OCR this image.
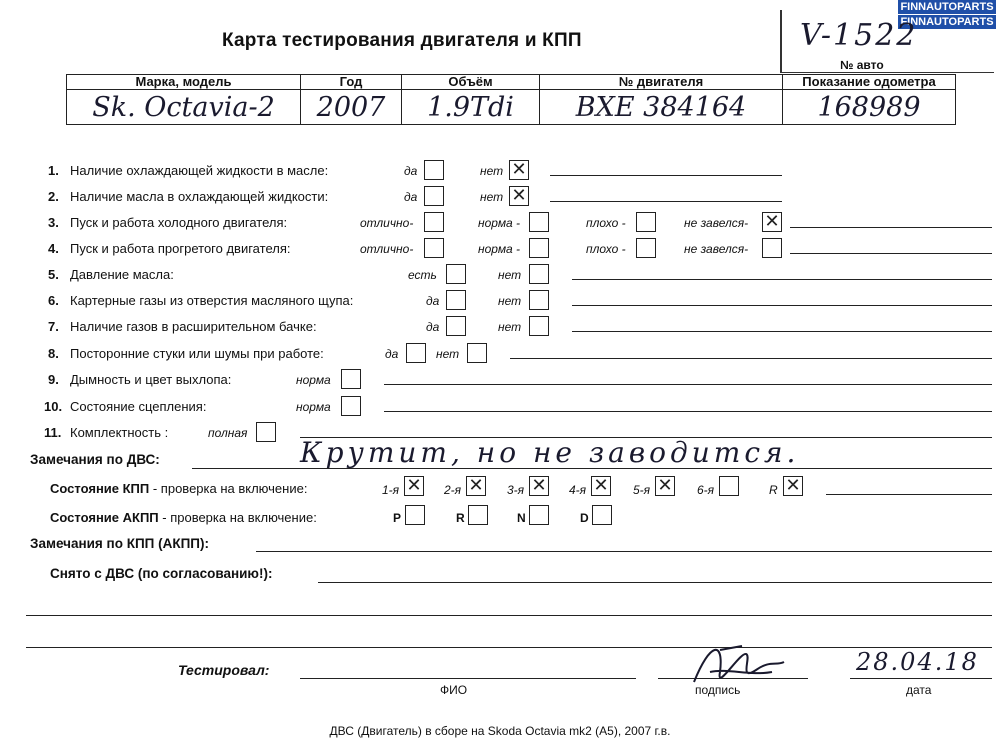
FINNAUTOPARTS
FINNAUTOPARTS
Карта тестирования двигателя и КПП	V-1522
№ авто
Марка, модель	Год	Объём	№ двигателя	Показание одометра
Sk. Octavia-2	2007	1.9Tdi	BXE 384164	168989
1. Наличие охлаждающей жидкости в масле:	да	нет ✕
2. Наличие масла в охлаждающей жидкости:	да	нет ✕
3. Пуск и работа холодного двигателя:	отлично-	норма -	плохо -	не завелся- ✕
4. Пуск и работа прогретого двигателя:	отлично-	норма -	плохо -	не завелся-
5. Давление масла:	есть	нет
6. Картерные газы из отверстия масляного щупа:	да	нет
7. Наличие газов в расширительном бачке:	да	нет
8. Посторонние стуки или шумы при работе:	да	нет
9. Дымность и цвет выхлопа:	норма
10. Состояние сцепления:	норма
11. Комплектность :	полная
Замечания по ДВС:	Крутит, но не заводится.
Состояние КПП - проверка на включение:	1-я ✕ 2-я ✕ 3-я ✕ 4-я ✕ 5-я ✕ 6-я	R ✕
Состояние АКПП - проверка на включение:	P	R	N	D
Замечания по КПП (АКПП):
Снято с ДВС (по согласованию!):
Тестировал:
ФИО	подпись	дата
28.04.18
ДВС (Двигатель) в сборе на Skoda Octavia mk2 (A5), 2007 г.в.
